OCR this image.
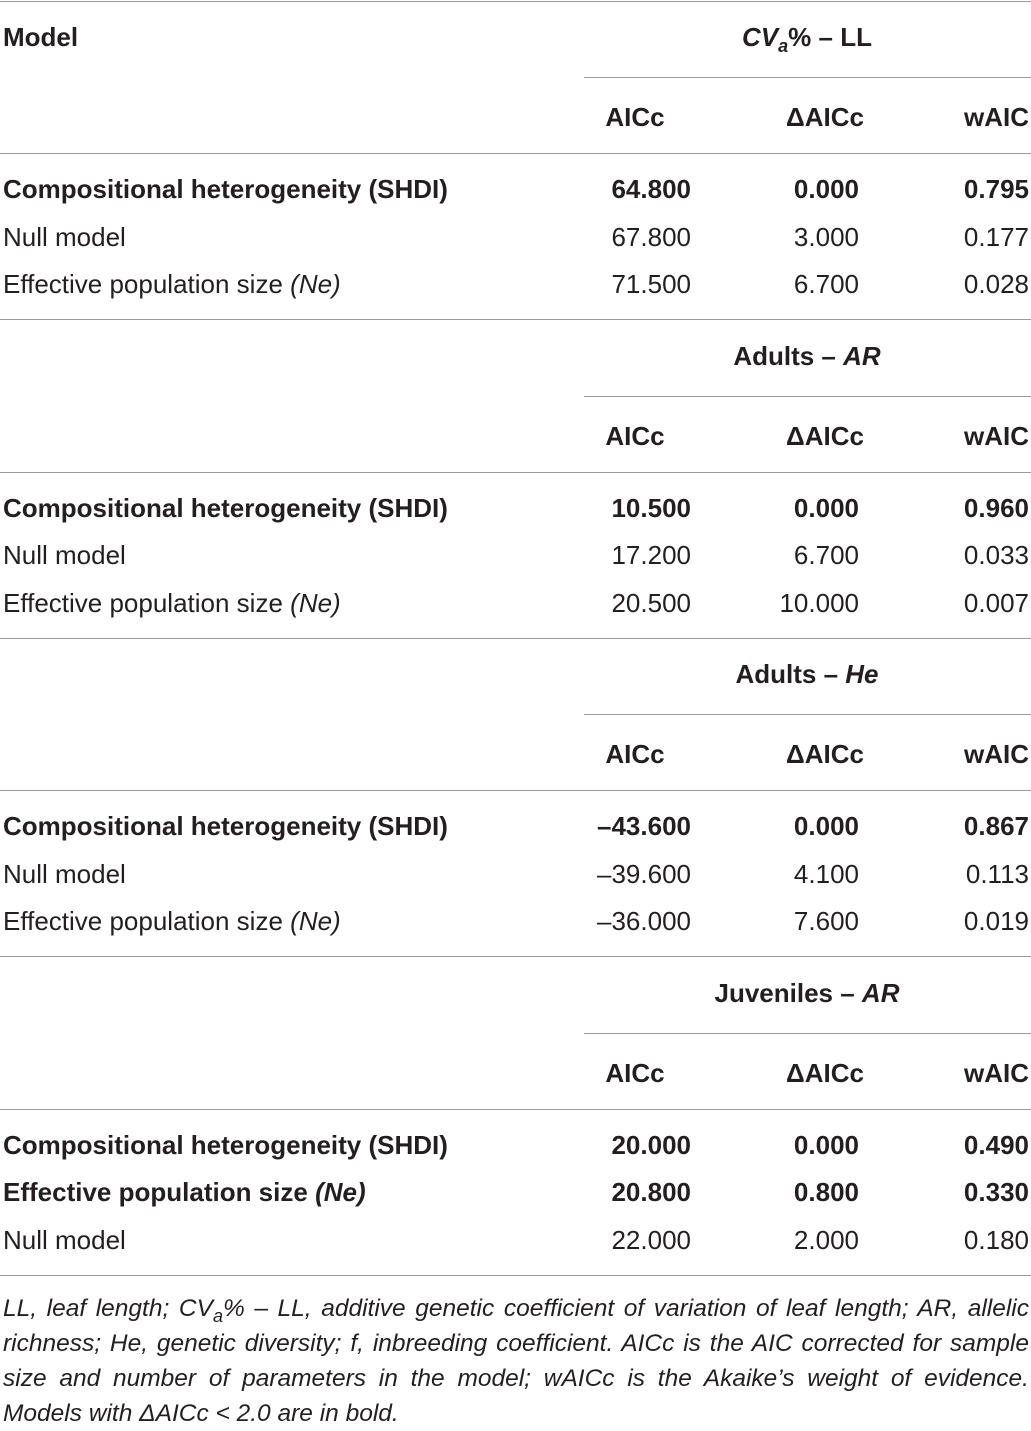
Model	$CV_a\%$ – LL
AICc	ΔAICc	wAIC
Compositional heterogeneity (SHDI)	64.800	0.000	0.795
Null model	67.800	3.000	0.177
Effective population size (Ne)	71.500	6.700	0.028
Adults – AR
AICc	ΔAICc	wAIC
Compositional heterogeneity (SHDI)	10.500	0.000	0.960
Null model	17.200	6.700	0.033
Effective population size (Ne)	20.500	10.000	0.007
Adults – He
AICc	ΔAICc	wAIC
Compositional heterogeneity (SHDI)	–43.600	0.000	0.867
Null model	–39.600	4.100	0.113
Effective population size (Ne)	–36.000	7.600	0.019
Juveniles – AR
AICc	ΔAICc	wAIC
Compositional heterogeneity (SHDI)	20.000	0.000	0.490
Effective population size (Ne)	20.800	0.800	0.330
Null model	22.000	2.000	0.180
LL, leaf length; $CV_a\%$ – LL, additive genetic coefficient of variation of leaf length; AR, allelic richness; He, genetic diversity; f, inbreeding coefficient. AICc is the AIC corrected for sample size and number of parameters in the model; wAICc is the Akaike’s weight of evidence. Models with ΔAICc < 2.0 are in bold.
